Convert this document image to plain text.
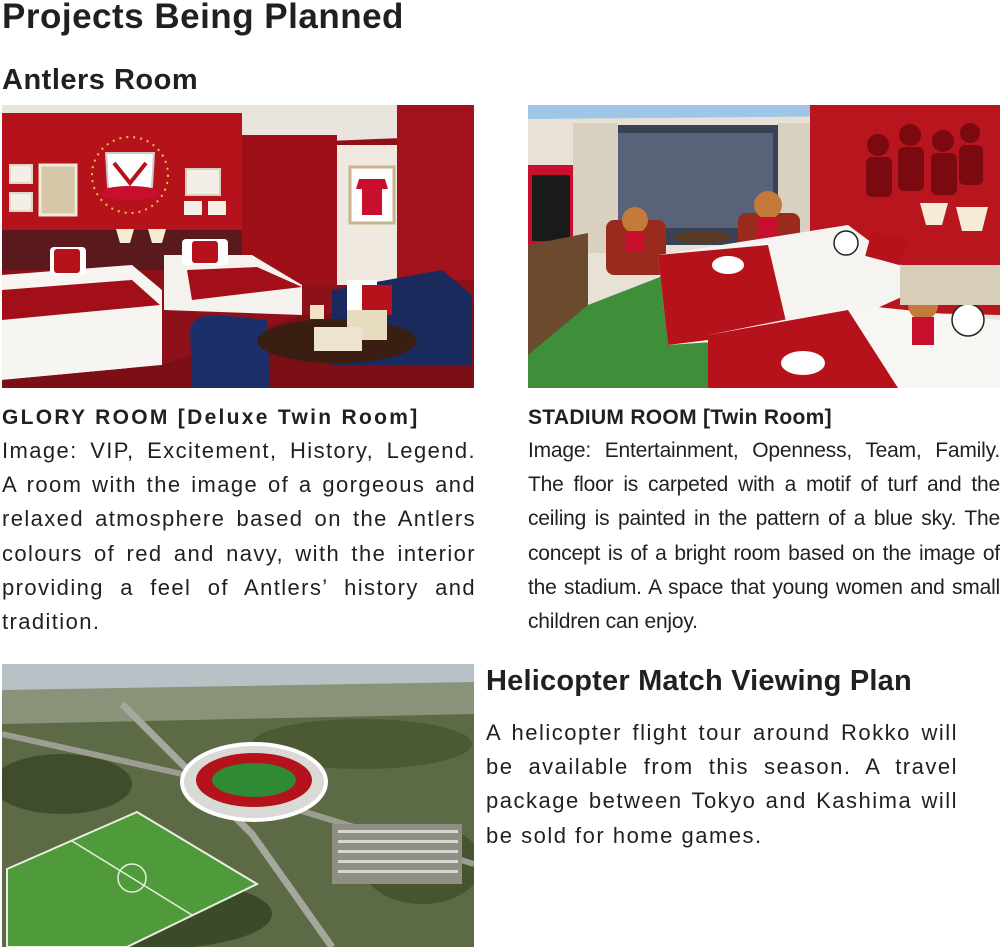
Projects Being Planned
Antlers Room

GLORY ROOM [Deluxe Twin Room]

Image: VIP, Excitement, History, Legend. A room with the image of a gorgeous and relaxed atmosphere based on the Antlers colours of red and navy, with the interior providing a feel of Antlers’ history and tradition.

STADIUM ROOM [Twin Room]

Image: Entertainment, Openness, Team, Family. The floor is carpeted with a motif of turf and the ceiling is painted in the pattern of a blue sky. The concept is of a bright room based on the image of the stadium. A space that young women and small children can enjoy.

Helicopter Match Viewing Plan

A helicopter flight tour around Rokko will be available from this season. A travel package between Tokyo and Kashima will be sold for home games.
